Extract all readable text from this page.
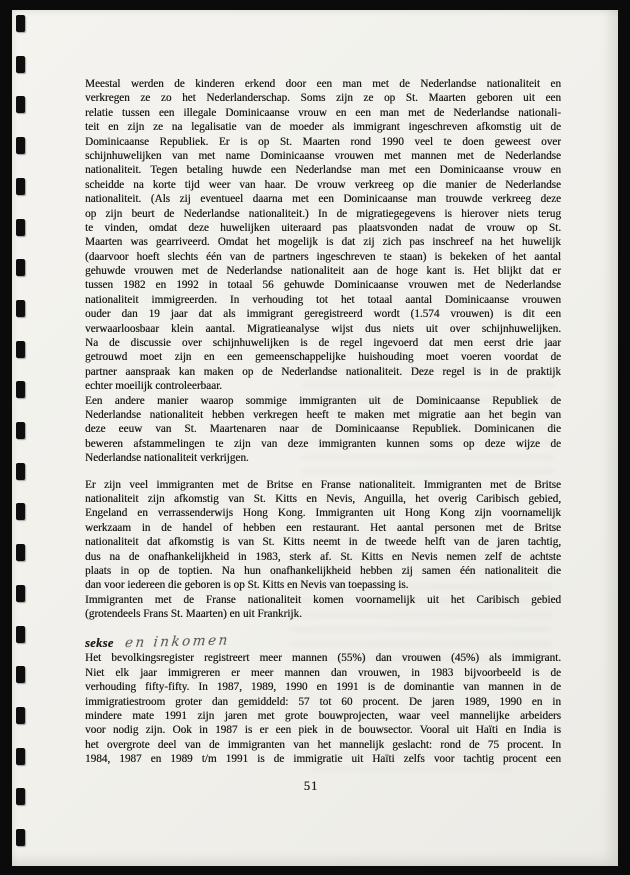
Meestal werden de kinderen erkend door een man met de Nederlandse nationaliteit en
verkregen ze zo het Nederlanderschap. Soms zijn ze op St. Maarten geboren uit een
relatie tussen een illegale Dominicaanse vrouw en een man met de Nederlandse nationali-
teit en zijn ze na legalisatie van de moeder als immigrant ingeschreven afkomstig uit de
Dominicaanse Republiek. Er is op St. Maarten rond 1990 veel te doen geweest over
schijnhuwelijken van met name Dominicaanse vrouwen met mannen met de Nederlandse
nationaliteit. Tegen betaling huwde een Nederlandse man met een Dominicaanse vrouw en
scheidde na korte tijd weer van haar. De vrouw verkreeg op die manier de Nederlandse
nationaliteit. (Als zij eventueel daarna met een Dominicaanse man trouwde verkreeg deze
op zijn beurt de Nederlandse nationaliteit.) In de migratiegegevens is hierover niets terug
te vinden, omdat deze huwelijken uiteraard pas plaatsvonden nadat de vrouw op St.
Maarten was gearriveerd. Omdat het mogelijk is dat zij zich pas inschreef na het huwelijk
(daarvoor hoeft slechts één van de partners ingeschreven te staan) is bekeken of het aantal
gehuwde vrouwen met de Nederlandse nationaliteit aan de hoge kant is. Het blijkt dat er
tussen 1982 en 1992 in totaal 56 gehuwde Dominicaanse vrouwen met de Nederlandse
nationaliteit immigreerden. In verhouding tot het totaal aantal Dominicaanse vrouwen
ouder dan 19 jaar dat als immigrant geregistreerd wordt (1.574 vrouwen) is dit een
verwaarloosbaar klein aantal. Migratieanalyse wijst dus niets uit over schijnhuwelijken.
Na de discussie over schijnhuwelijken is de regel ingevoerd dat men eerst drie jaar
getrouwd moet zijn en een gemeenschappelijke huishouding moet voeren voordat de
partner aanspraak kan maken op de Nederlandse nationaliteit. Deze regel is in de praktijk
echter moeilijk controleerbaar.
Een andere manier waarop sommige immigranten uit de Dominicaanse Republiek de
Nederlandse nationaliteit hebben verkregen heeft te maken met migratie aan het begin van
deze eeuw van St. Maartenaren naar de Dominicaanse Republiek. Dominicanen die
beweren afstammelingen te zijn van deze immigranten kunnen soms op deze wijze de
Nederlandse nationaliteit verkrijgen.
Er zijn veel immigranten met de Britse en Franse nationaliteit. Immigranten met de Britse
nationaliteit zijn afkomstig van St. Kitts en Nevis, Anguilla, het overig Caribisch gebied,
Engeland en verrassenderwijs Hong Kong. Immigranten uit Hong Kong zijn voornamelijk
werkzaam in de handel of hebben een restaurant. Het aantal personen met de Britse
nationaliteit dat afkomstig is van St. Kitts neemt in de tweede helft van de jaren tachtig,
dus na de onafhankelijkheid in 1983, sterk af. St. Kitts en Nevis nemen zelf de achtste
plaats in op de toptien. Na hun onafhankelijkheid hebben zij samen één nationaliteit die
dan voor iedereen die geboren is op St. Kitts en Nevis van toepassing is.
Immigranten met de Franse nationaliteit komen voornamelijk uit het Caribisch gebied
(grotendeels Frans St. Maarten) en uit Frankrijk.
sekse en inkomen
Het bevolkingsregister registreert meer mannen (55%) dan vrouwen (45%) als immigrant.
Niet elk jaar immigreren er meer mannen dan vrouwen, in 1983 bijvoorbeeld is de
verhouding fifty-fifty. In 1987, 1989, 1990 en 1991 is de dominantie van mannen in de
immigratiestroom groter dan gemiddeld: 57 tot 60 procent. De jaren 1989, 1990 en in
mindere mate 1991 zijn jaren met grote bouwprojecten, waar veel mannelijke arbeiders
voor nodig zijn. Ook in 1987 is er een piek in de bouwsector. Vooral uit Haïti en India is
het overgrote deel van de immigranten van het mannelijk geslacht: rond de 75 procent. In
1984, 1987 en 1989 t/m 1991 is de immigratie uit Haïti zelfs voor tachtig procent een
51
